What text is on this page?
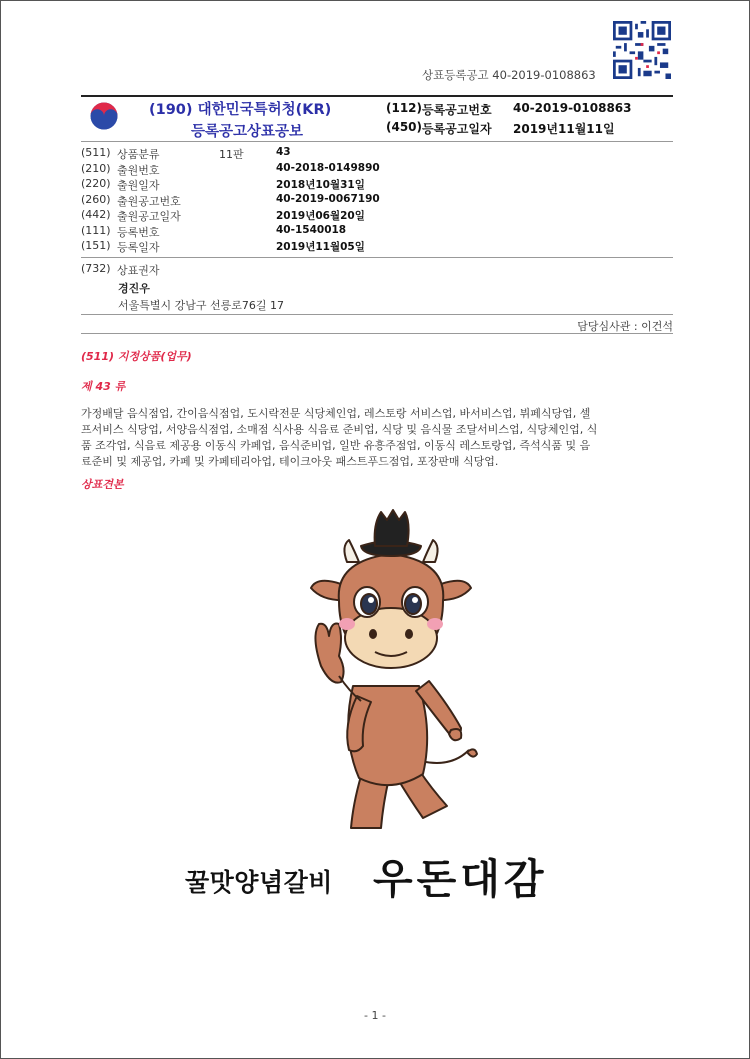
상표등록공고 40-2019-0108863
(190) 대한민국특허청(KR)
등록공고상표공보
(112) 등록공고번호 40-2019-0108863
(450) 등록공고일자 2019년11월11일
(511) 상품분류	11판	43
(210) 출원번호	40-2018-0149890
(220) 출원일자	2018년10월31일
(260) 출원공고번호	40-2019-0067190
(442) 출원공고일자	2019년06월20일
(111) 등록번호	40-1540018
(151) 등록일자	2019년11월05일
(732) 상표권자
경진우
서울특별시 강남구 선릉로76길 17
담당심사관 : 이건석
(511) 지정상품(업무)
제 43 류
가정배달 음식점업, 간이음식점업, 도시락전문 식당체인업, 레스토랑 서비스업, 바서비스업, 뷔페식당업, 셀
프서비스 식당업, 서양음식점업, 소매점 식사용 식음료 준비업, 식당 및 음식물 조달서비스업, 식당체인업, 식
품 조각업, 식음료 제공용 이동식 카페업, 음식준비업, 일반 유흥주점업, 이동식 레스토랑업, 즉석식품 및 음
료준비 및 제공업, 카페 및 카페테리아업, 테이크아웃 패스트푸드점업, 포장판매 식당업.
상표견본
꿀맛양념갈비 우돈대감
- 1 -
